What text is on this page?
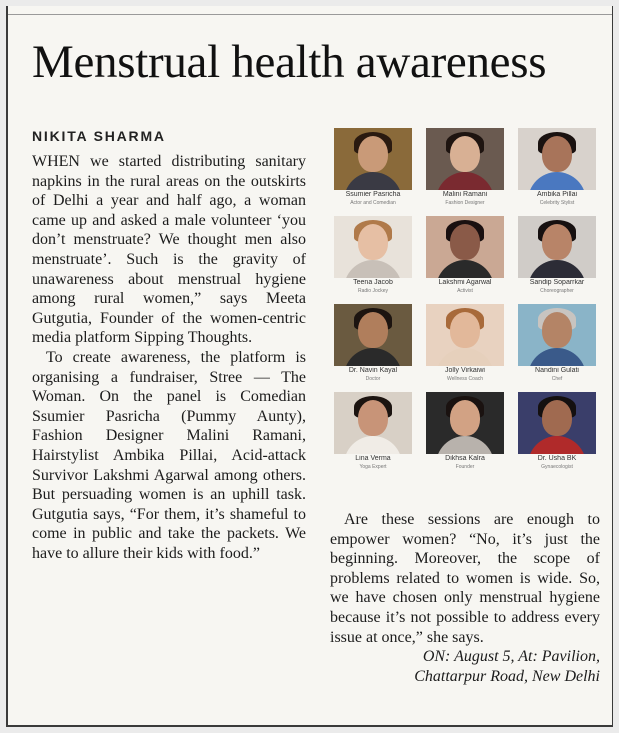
Menstrual health awareness
NIKITA SHARMA

WHEN we started distributing sanitary napkins in the rural areas on the outskirts of Delhi a year and half ago, a woman came up and asked a male volunteer ‘you don’t menstruate? We thought men also menstruate’. Such is the gravity of unawareness about menstrual hygiene among rural women,” says Meeta Gutgutia, Founder of the women-centric media platform Sipping Thoughts.

To create awareness, the platform is organising a fundraiser, Stree — The Woman. On the panel is Comedian Ssumier Pasricha (Pummy Aunty), Fashion Designer Malini Ramani, Hairstylist Ambika Pillai, Acid-attack Survivor Lakshmi Agarwal among others. But persuading women is an uphill task. Gutgutia says, “For them, it’s shameful to come in public and take the packets. We have to allure their kids with food.”

Ssumier Pasricha
Actor and Comedian
Malini Ramani
Fashion Designer
Ambika Pillai
Celebrity Stylist
Teena Jacob
Radio Jockey
Lakshmi Agarwal
Activist
Sandip Soparrkar
Choreographer
Dr. Navin Kayal
Doctor
Jolly Virkaiwi
Wellness Coach
Nandini Gulati
Chef
Lina Verma
Yoga Expert
Dikhsa Kalra
Founder
Dr. Usha BK
Gynaecologist

Are these sessions are enough to empower women? “No, it’s just the beginning. Moreover, the scope of problems related to women is wide. So, we have chosen only menstrual hygiene because it’s not possible to address every issue at once,” she says.

ON: August 5, At: Pavilion,

Chattarpur Road, New Delhi
